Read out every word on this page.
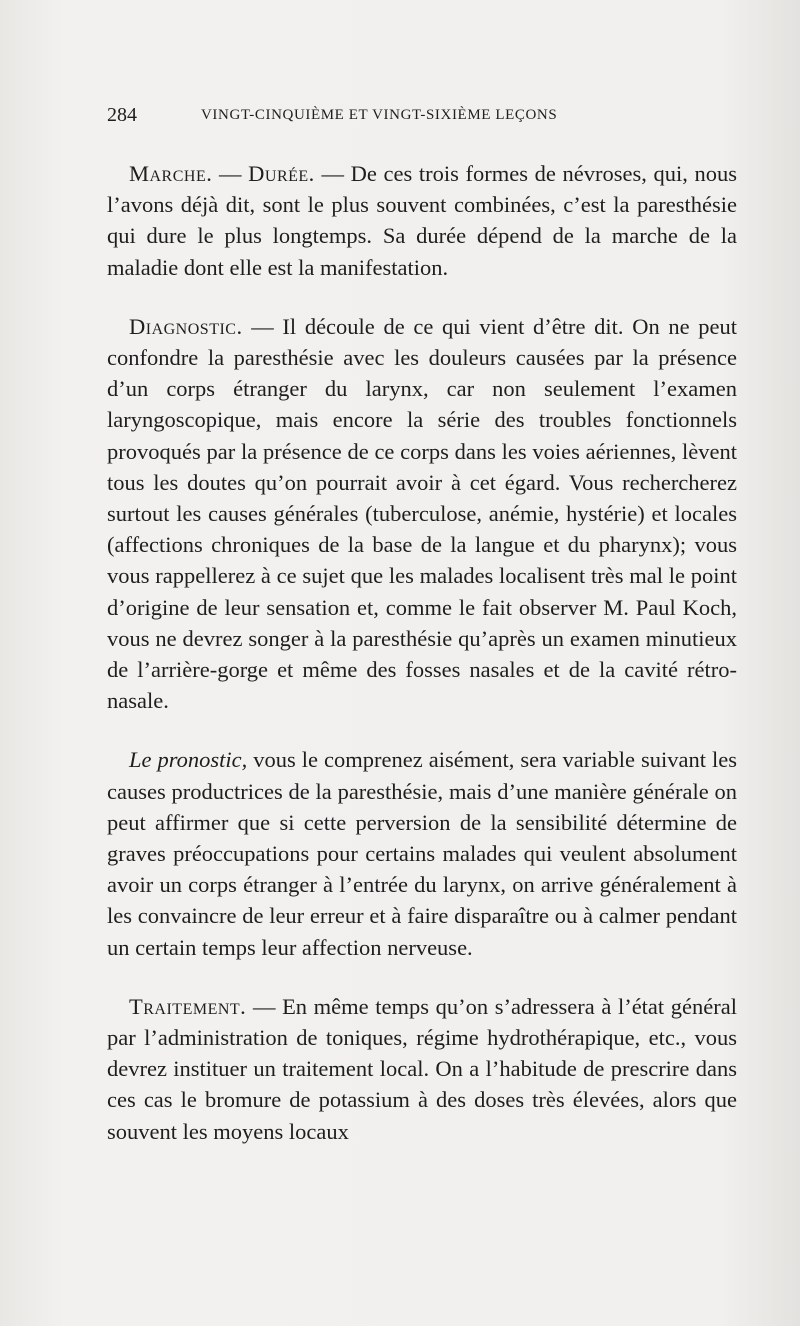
284	VINGT-CINQUIÈME ET VINGT-SIXIÈME LEÇONS

Marche. — Durée. — De ces trois formes de névroses, qui, nous l’avons déjà dit, sont le plus souvent combinées, c’est la paresthésie qui dure le plus longtemps. Sa durée dépend de la marche de la maladie dont elle est la manifestation.

Diagnostic. — Il découle de ce qui vient d’être dit. On ne peut confondre la paresthésie avec les douleurs causées par la présence d’un corps étranger du larynx, car non seulement l’examen laryngoscopique, mais encore la série des troubles fonctionnels provoqués par la présence de ce corps dans les voies aériennes, lèvent tous les doutes qu’on pourrait avoir à cet égard. Vous rechercherez surtout les causes générales (tuberculose, anémie, hystérie) et locales (affections chroniques de la base de la langue et du pharynx); vous vous rappellerez à ce sujet que les malades localisent très mal le point d’origine de leur sensation et, comme le fait observer M. Paul Koch, vous ne devrez songer à la paresthésie qu’après un examen minutieux de l’arrière-gorge et même des fosses nasales et de la cavité rétro-nasale.

Le pronostic, vous le comprenez aisément, sera variable suivant les causes productrices de la paresthésie, mais d’une manière générale on peut affirmer que si cette perversion de la sensibilité détermine de graves préoccupations pour certains malades qui veulent absolument avoir un corps étranger à l’entrée du larynx, on arrive généralement à les convaincre de leur erreur et à faire disparaître ou à calmer pendant un certain temps leur affection nerveuse.

Traitement. — En même temps qu’on s’adressera à l’état général par l’administration de toniques, régime hydrothérapique, etc., vous devrez instituer un traitement local. On a l’habitude de prescrire dans ces cas le bromure de potassium à des doses très élevées, alors que souvent les moyens locaux
